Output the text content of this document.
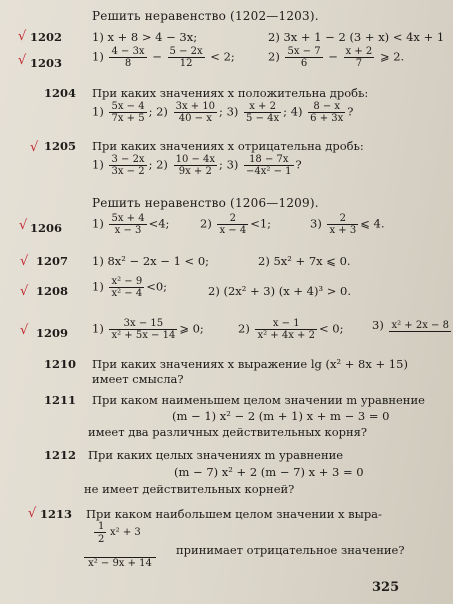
Решить неравенство (1202—1203).
√ 1202	1) x + 8 > 4 − 3x;	2) 3x + 1 − 2 (3 + x) < 4x + 1
√ 1203	$1) \frac{4 - 3x}{8} - \frac{5 - 2x}{12} < 2$;	$2) \frac{5x - 7}{6} - \frac{x + 2}{7}$ ⩾ 2.
1204 При каких значениях x положительна дробь:
$1) \frac{5x - 4}{7x + 5}$ ; $2) \frac{3x + 10}{40 - x}$ ; $3) \frac{x + 2}{5 - 4x}$ ; $4) \frac{8 - x}{6 + 3x}$ ?
√ 1205 При каких значениях x отрицательна дробь:
$1) \frac{3 - 2x}{3x - 2}$ ; $2) \frac{10 - 4x}{9x + 2}$ ; $3) \frac{18 - 7x}{\text{−4x² − 1}}$ ?
Решить неравенство (1206—1209).
√ 1206	$1) \frac{5x + 4}{x - 3} <4$;	$2) \frac{2}{x - 4} <1$;	$3) \frac{2}{x + 3}$ ⩽ 4.
√ 1207 1) 8x² − 2x − 1 < 0;	2) 5x² + 7x ⩽ 0.
√ 1208 $1) \frac{\text{x² − 9}}{\text{x² − 4}} <0$;	2) (2x² + 3) (x + 4)³ > 0.
√ 1209 $1) \frac{3x - 15}{\text{x² + 5x − 14}}$ ⩾ 0;	$2) \frac{x - 1}{\text{x² + 4x + 2}} < 0$; 3) x² + 2x − 8
1210 При каких значениях x выражение lg (x² + 8x + 15)
имеет смысла?
1211 При каком наименьшем целом значении m уравнение
(m − 1) x² − 2 (m + 1) x + m − 3 = 0
имеет два различных действительных корня?
1212 При каких целых значениях m уравнение
(m − 7) x² + 2 (m − 7) x + 3 = 0
не имеет действительных корней?
√ 1213 При каком наибольшем целом значении x выра-
1
2
x² + 3
x² − 9x + 14 принимает отрицательное значение?
325
